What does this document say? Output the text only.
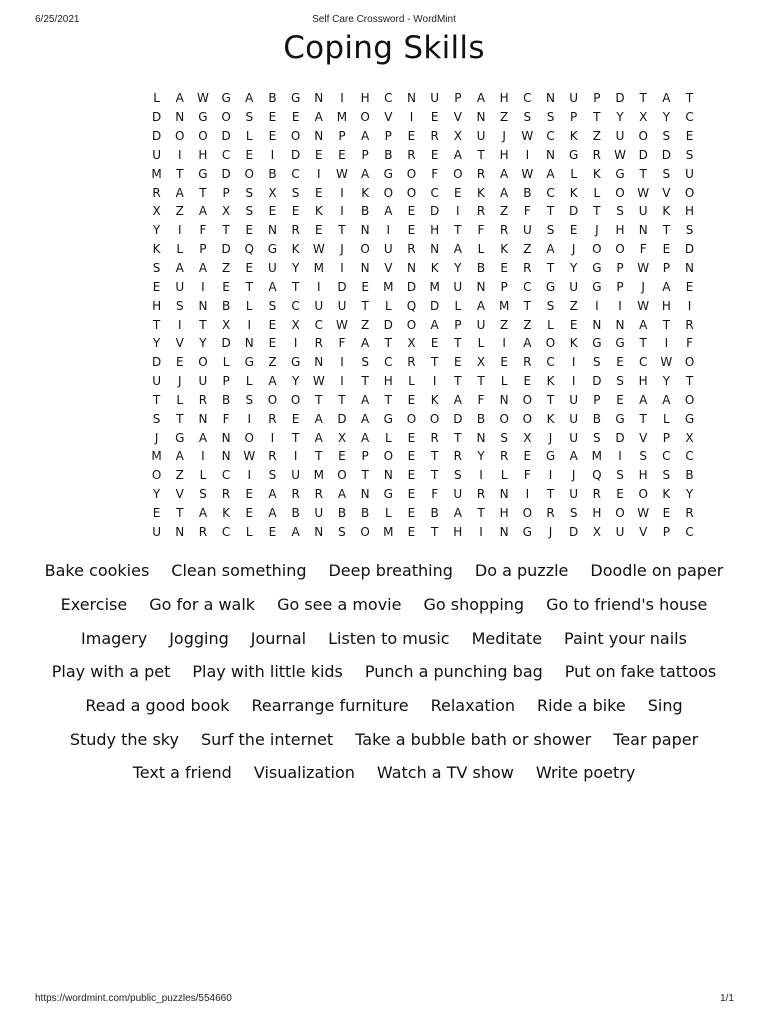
6/25/2021	Self Care Crossword - WordMint
Coping Skills
L	A	W	G	A	B	G	N	I	H	C	N	U	P	A	H	C	N	U	P	D	T	A	T
D	N	G	O	S	E	E	A	M	O	V	I	E	V	N	Z	S	S	P	T	Y	X	Y	C
D	O	O	D	L	E	O	N	P	A	P	E	R	X	U	J	W	C	K	Z	U	O	S	E
U	I	H	C	E	I	D	E	E	P	B	R	E	A	T	H	I	N	G	R	W	D	D	S
M	T	G	D	O	B	C	I	W	A	G	O	F	O	R	A	W	A	L	K	G	T	S	U
R	A	T	P	S	X	S	E	I	K	O	O	C	E	K	A	B	C	K	L	O	W	V	O
X	Z	A	X	S	E	E	K	I	B	A	E	D	I	R	Z	F	T	D	T	S	U	K	H
Y	I	F	T	E	N	R	E	T	N	I	E	H	T	F	R	U	S	E	J	H	N	T	S
K	L	P	D	Q	G	K	W	J	O	U	R	N	A	L	K	Z	A	J	O	O	F	E	D
S	A	A	Z	E	U	Y	M	I	N	V	N	K	Y	B	E	R	T	Y	G	P	W	P	N
E	U	I	E	T	A	T	I	D	E	M	D	M	U	N	P	C	G	U	G	P	J	A	E
H	S	N	B	L	S	C	U	U	T	L	Q	D	L	A	M	T	S	Z	I	I	W	H	I
T	I	T	X	I	E	X	C	W	Z	D	O	A	P	U	Z	Z	L	E	N	N	A	T	R
Y	V	Y	D	N	E	I	R	F	A	T	X	E	T	L	I	A	O	K	G	G	T	I	F
D	E	O	L	G	Z	G	N	I	S	C	R	T	E	X	E	R	C	I	S	E	C	W	O
U	J	U	P	L	A	Y	W	I	T	H	L	I	T	T	L	E	K	I	D	S	H	Y	T
T	L	R	B	S	O	O	T	T	A	T	E	K	A	F	N	O	T	U	P	E	A	A	O
S	T	N	F	I	R	E	A	D	A	G	O	O	D	B	O	O	K	U	B	G	T	L	G
J	G	A	N	O	I	T	A	X	A	L	E	R	T	N	S	X	J	U	S	D	V	P	X
M	A	I	N	W	R	I	T	E	P	O	E	T	R	Y	R	E	G	A	M	I	S	C	C
O	Z	L	C	I	S	U	M	O	T	N	E	T	S	I	L	F	I	J	Q	S	H	S	B
Y	V	S	R	E	A	R	R	A	N	G	E	F	U	R	N	I	T	U	R	E	O	K	Y
E	T	A	K	E	A	B	U	B	B	L	E	B	A	T	H	O	R	S	H	O	W	E	R
U	N	R	C	L	E	A	N	S	O	M	E	T	H	I	N	G	J	D	X	U	V	P	C
Bake cookies Clean something Deep breathing Do a puzzle Doodle on paper
Exercise Go for a walk Go see a movie Go shopping Go to friend's house
Imagery Jogging Journal Listen to music Meditate Paint your nails
Play with a pet Play with little kids Punch a punching bag Put on fake tattoos
Read a good book Rearrange furniture Relaxation Ride a bike Sing
Study the sky Surf the internet Take a bubble bath or shower Tear paper
Text a friend Visualization Watch a TV show Write poetry
https://wordmint.com/public_puzzles/554660	1/1
